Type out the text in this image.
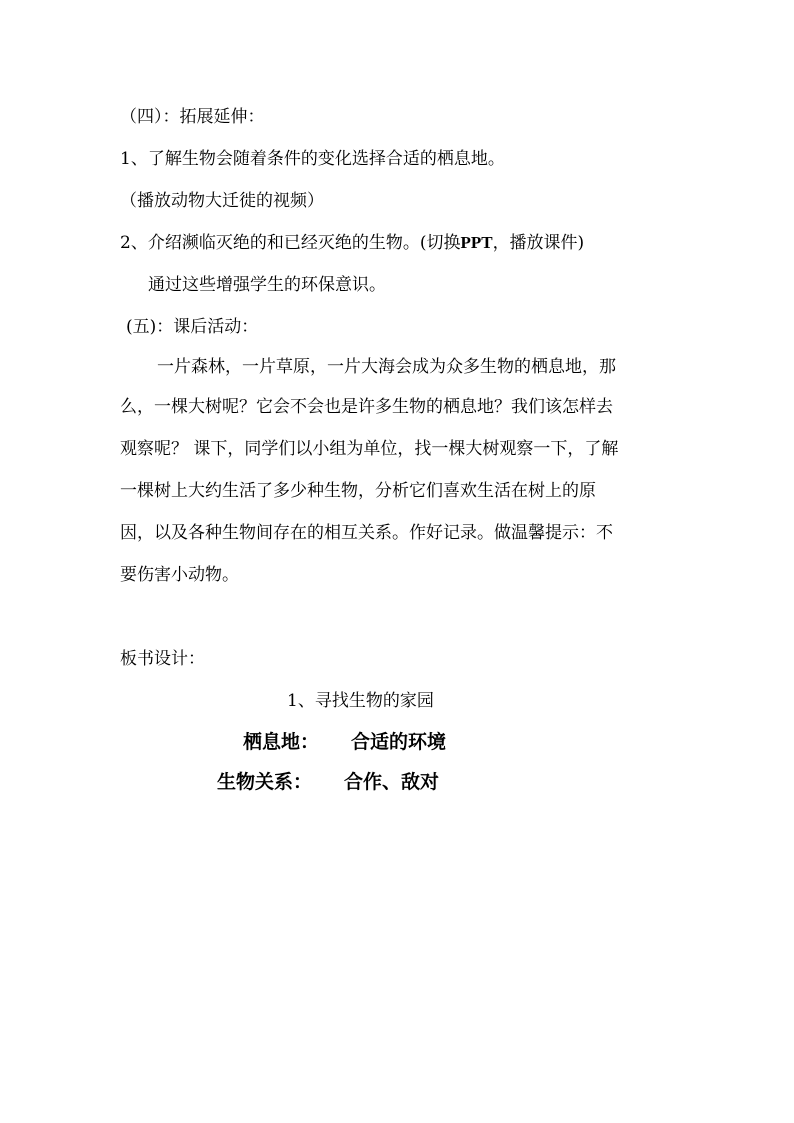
（四）：拓展延伸：
1、了解生物会随着条件的变化选择合适的栖息地。
（播放动物大迁徙的视频）
2、介绍濒临灭绝的和已经灭绝的生物。(切换PPT，播放课件)
通过这些增强学生的环保意识。
(五)：课后活动：
一片森林，一片草原，一片大海会成为众多生物的栖息地，那
么，一棵大树呢？它会不会也是许多生物的栖息地？我们该怎样去
观察呢？ 课下，同学们以小组为单位，找一棵大树观察一下，了解
一棵树上大约生活了多少种生物，分析它们喜欢生活在树上的原
因，以及各种生物间存在的相互关系。作好记录。做温馨提示：不
要伤害小动物。
板书设计：
1、寻找生物的家园
栖息地： 合适的环境
生物关系： 合作、敌对
